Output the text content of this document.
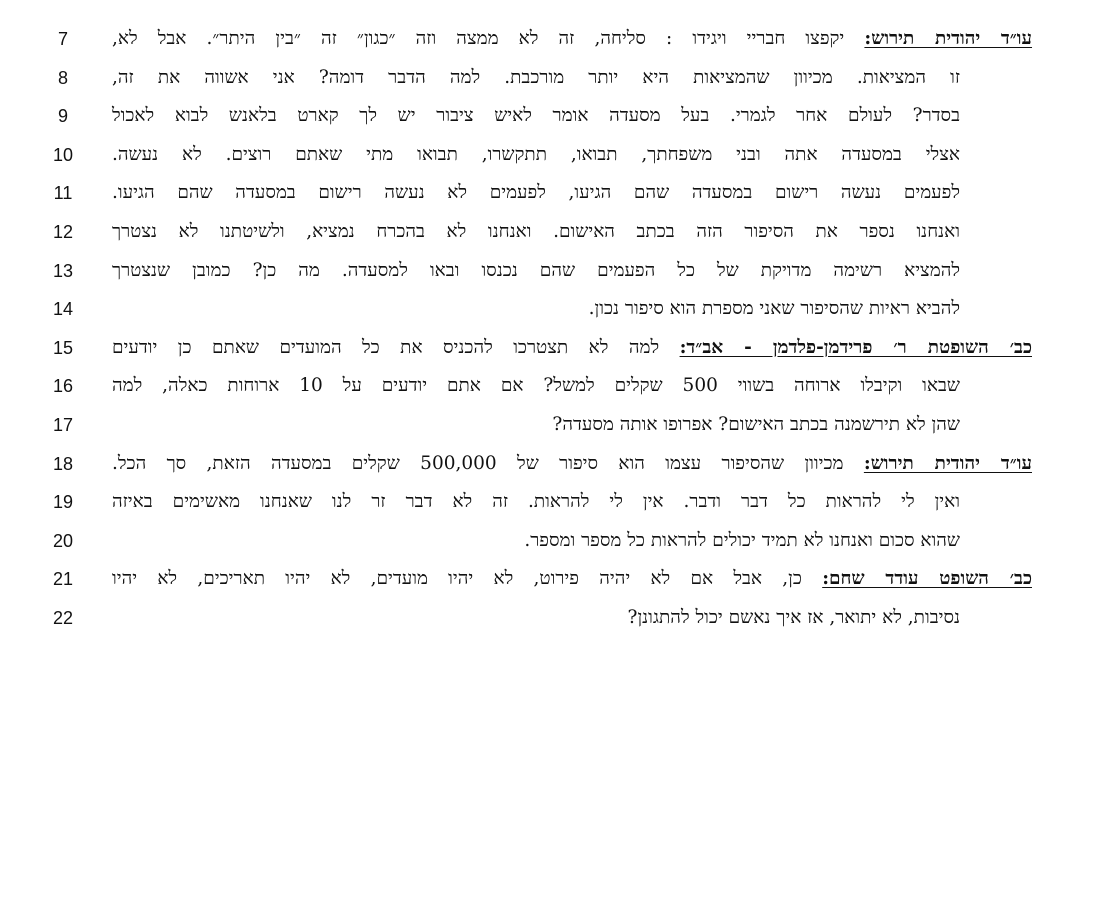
7	עו״ד יהודית תירוש: יקפצו חבריי ויגידו : סליחה, זה לא ממצה וזה ״כגון״ זה ״בין היתר״. אבל לא,
8	זו המציאות. מכיוון שהמציאות היא יותר מורכבת. למה הדבר דומה? אני אשווה את זה,
9	בסדר? לעולם אחר לגמרי. בעל מסעדה אומר לאיש ציבור יש לך קארט בלאנש לבוא לאכול
10 אצלי במסעדה אתה ובני משפחתך, תבואו, תתקשרו, תבואו מתי שאתם רוצים. לא נעשה.
11	לפעמים נעשה רישום במסעדה שהם הגיעו, לפעמים לא נעשה רישום במסעדה שהם הגיעו.
12 ואנחנו נספר את הסיפור הזה בכתב האישום. ואנחנו לא בהכרח נמציא, ולשיטתנו לא נצטרך
13 להמציא רשימה מדויקת של כל הפעמים שהם נכנסו ובאו למסעדה. מה כן? כמובן שנצטרך
14	להביא ראיות שהסיפור שאני מספרת הוא סיפור נכון.
15	כב׳ השופטת ר׳ פרידמן-פלדמן - אב״ד: למה לא תצטרכו להכניס את כל המועדים שאתם כן יודעים
16 שבאו וקיבלו ארוחה בשווי 500 שקלים למשל? אם אתם יודעים על 10 ארוחות כאלה, למה
17	שהן לא תירשמנה בכתב האישום? אפרופו אותה מסעדה?
18	עו״ד יהודית תירוש: מכיוון שהסיפור עצמו הוא סיפור של 500,000 שקלים במסעדה הזאת, סך הכל.
19 ואין לי להראות כל דבר ודבר. אין לי להראות. זה לא דבר זר לנו שאנחנו מאשימים באיזה
20	שהוא סכום ואנחנו לא תמיד יכולים להראות כל מספר ומספר.
21	כב׳ השופט עודד שחם: כן, אבל אם לא יהיה פירוט, לא יהיו מועדים, לא יהיו תאריכים, לא יהיו
22	נסיבות, לא יתואר, אז איך נאשם יכול להתגונן?
